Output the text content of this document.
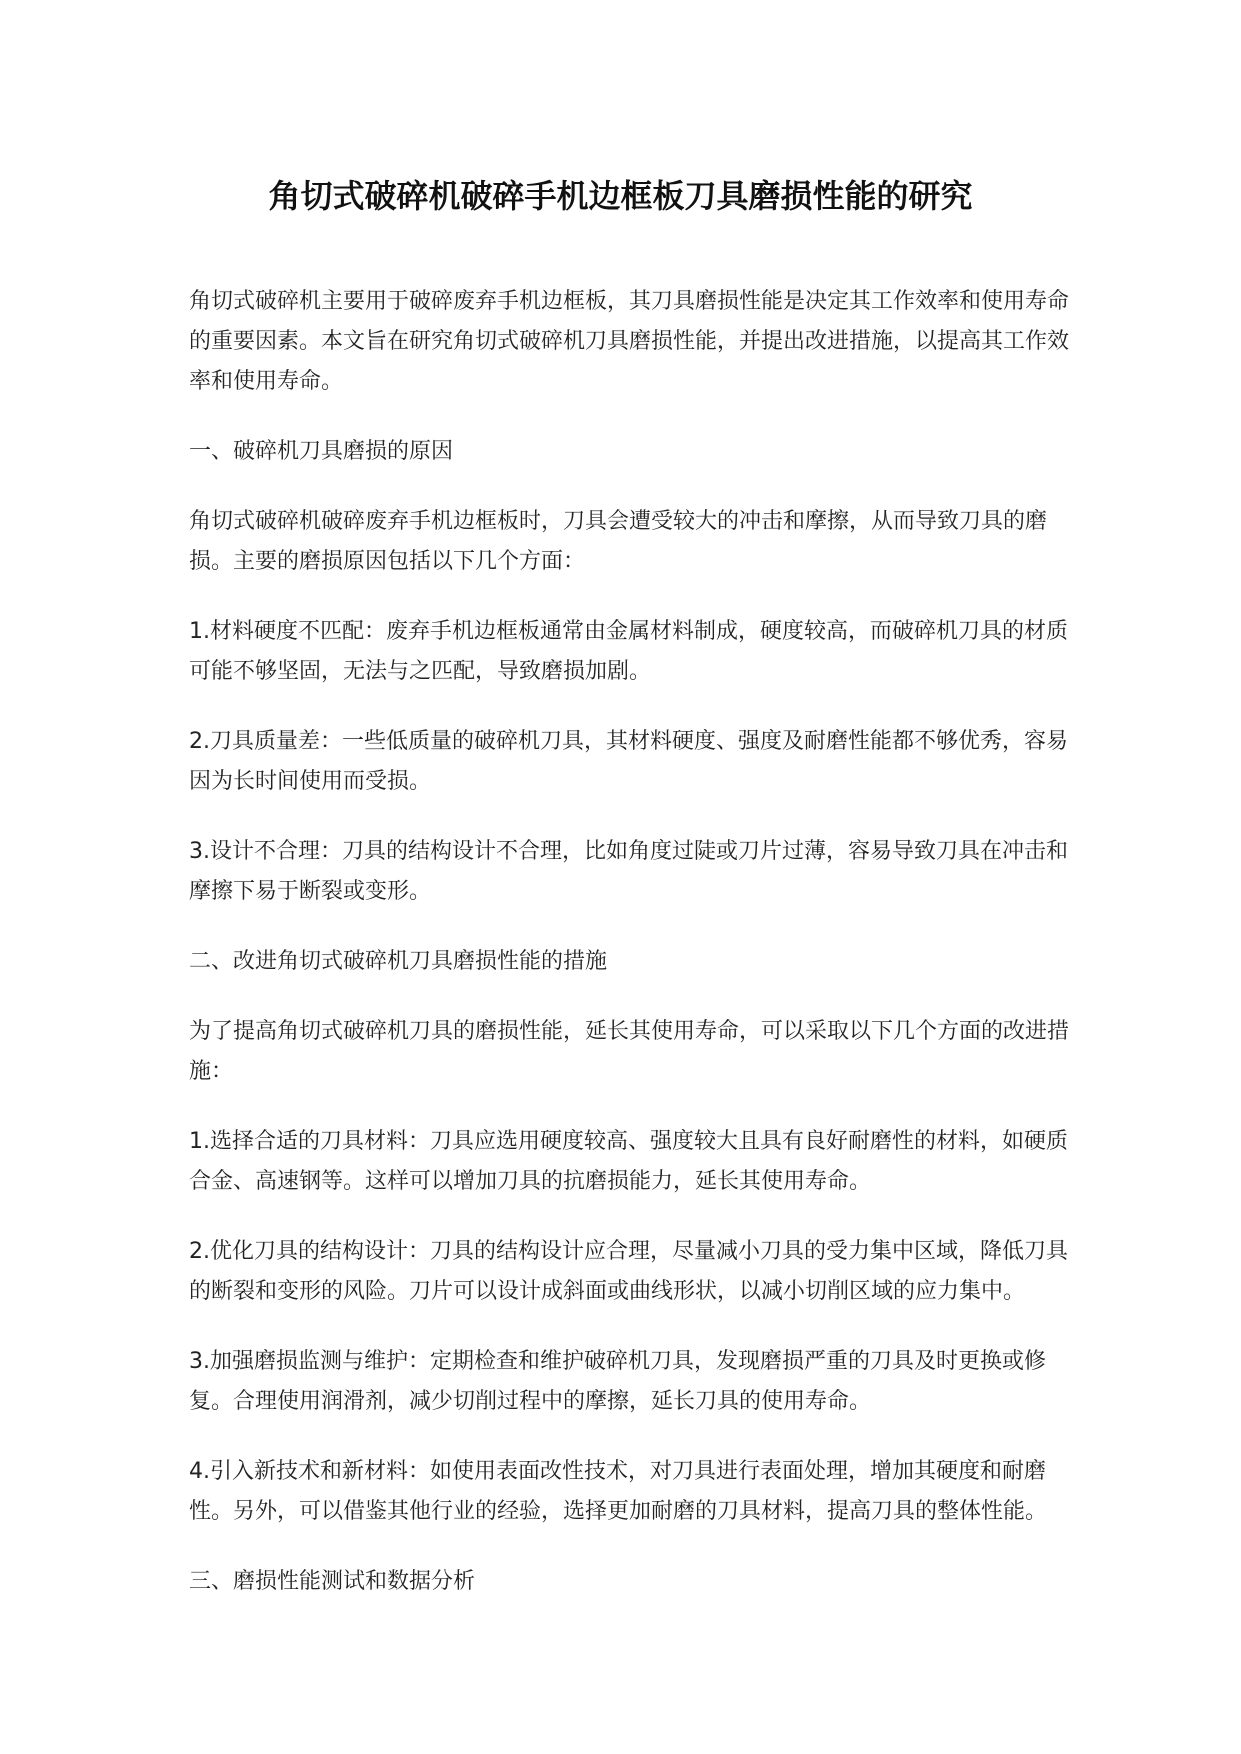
角切式破碎机破碎手机边框板刀具磨损性能的研究

角切式破碎机主要用于破碎废弃手机边框板，其刀具磨损性能是决定其工作效率和使用寿命的重要因素。本文旨在研究角切式破碎机刀具磨损性能，并提出改进措施，以提高其工作效率和使用寿命。

一、破碎机刀具磨损的原因

角切式破碎机破碎废弃手机边框板时，刀具会遭受较大的冲击和摩擦，从而导致刀具的磨损。主要的磨损原因包括以下几个方面：

1.材料硬度不匹配：废弃手机边框板通常由金属材料制成，硬度较高，而破碎机刀具的材质可能不够坚固，无法与之匹配，导致磨损加剧。

2.刀具质量差：一些低质量的破碎机刀具，其材料硬度、强度及耐磨性能都不够优秀，容易因为长时间使用而受损。

3.设计不合理：刀具的结构设计不合理，比如角度过陡或刀片过薄，容易导致刀具在冲击和摩擦下易于断裂或变形。

二、改进角切式破碎机刀具磨损性能的措施

为了提高角切式破碎机刀具的磨损性能，延长其使用寿命，可以采取以下几个方面的改进措施：

1.选择合适的刀具材料：刀具应选用硬度较高、强度较大且具有良好耐磨性的材料，如硬质合金、高速钢等。这样可以增加刀具的抗磨损能力，延长其使用寿命。

2.优化刀具的结构设计：刀具的结构设计应合理，尽量减小刀具的受力集中区域，降低刀具的断裂和变形的风险。刀片可以设计成斜面或曲线形状，以减小切削区域的应力集中。

3.加强磨损监测与维护：定期检查和维护破碎机刀具，发现磨损严重的刀具及时更换或修复。合理使用润滑剂，减少切削过程中的摩擦，延长刀具的使用寿命。

4.引入新技术和新材料：如使用表面改性技术，对刀具进行表面处理，增加其硬度和耐磨性。另外，可以借鉴其他行业的经验，选择更加耐磨的刀具材料，提高刀具的整体性能。

三、磨损性能测试和数据分析
